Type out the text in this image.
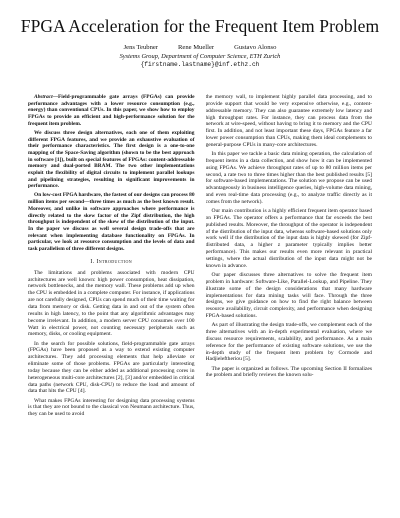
FPGA Acceleration for the Frequent Item Problem
Jens Teubner	Rene Mueller	Gustavo Alonso
Systems Group, Department of Computer Science, ETH Zurich
{firstname.lastname}@inf.ethz.ch

Abstract—Field-programmable gate arrays (FPGAs) can provide performance advantages with a lower resource consumption (e.g., energy) than conventional CPUs. In this paper, we show how to employ FPGAs to provide an efficient and high-performance solution for the frequent item problem.

We discuss three design alternatives, each one of them exploiting different FPGA features, and we provide an exhaustive evaluation of their performance characteristics. The first design is a one-to-one mapping of the Space-Saving algorithm (shown to be the best approach in software [1]), built on special features of FPGAs: content-addressable memory and dual-ported BRAM. The two other implementations exploit the flexibility of digital circuits to implement parallel lookups and pipelining strategies, resulting in significant improvements in performance.

On low-cost FPGA hardware, the fastest of our designs can process 80 million items per second—three times as much as the best known result. Moreover, and unlike in software approaches where performance is directly related to the skew factor of the Zipf distribution, the high throughput is independent of the skew of the distribution of the input. In the paper we discuss as well several design trade-offs that are relevant when implementing database functionality on FPGAs. In particular, we look at resource consumption and the levels of data and task parallelism of three different designs.

I. Introduction

The limitations and problems associated with modern CPU architectures are well known: high power consumption, heat dissipation, network bottlenecks, and the memory wall. These problems add up when the CPU is embedded in a complete computer. For instance, if applications are not carefully designed, CPUs can spend much of their time waiting for data from memory or disk. Getting data in and out of the system often results in high latency, to the point that any algorithmic advantages may become irrelevant. In addition, a modern server CPU consumes over 100 Watt in electrical power, not counting necessary peripherals such as memory, disks, or cooling equipment.

In the search for possible solutions, field-programmable gate arrays (FPGAs) have been proposed as a way to extend existing computer architectures. They add processing elements that help alleviate or eliminate some of those problems. FPGAs are particularly interesting today because they can be either added as additional processing cores in heterogeneous multi-core architectures [2], [3] and/or embedded in critical data paths (network CPU, disk-CPU) to reduce the load and amount of data that hits the CPU [4].

What makes FPGAs interesting for designing data processing systems is that they are not bound to the classical von Neumann architecture. Thus, they can be used to avoid

the memory wall, to implement highly parallel data processing, and to provide support that would be very expensive otherwise, e.g., content-addressable memory. They can also guarantee extremely low latency and high throughput rates. For instance, they can process data from the network at wire-speed, without having to bring it to memory and the CPU first. In addition, and not least important these days, FPGAs feature a far lower power consumption than CPUs, making them ideal complements to general-purpose CPUs in many-core architectures.

In this paper we tackle a basic data mining operation, the calculation of frequent items in a data collection, and show how it can be implemented using FPGAs. We achieve throughput rates of up to 80 million items per second, a rate two to three times higher than the best published results [5] for software-based implementations. The solution we propose can be used advantageously in business intelligence queries, high-volume data mining, and even real-time data processing (e.g., to analyze traffic directly as it comes from the network).

Our main contribution is a highly efficient frequent item operator based on FPGAs. The operator offers a performance that far exceeds the best published results. Moreover, the throughput of the operator is independent of the distribution of the input data, whereas software-based solutions only work well if the distribution of the input data is highly skewed (for Zipf-distributed data, a higher z parameter typically implies better performance). This makes our results even more relevant in practical settings, where the actual distribution of the input data might not be known in advance.

Our paper discusses three alternatives to solve the frequent item problem in hardware: Software-Like, Parallel-Lookup, and Pipeline. They illustrate some of the design considerations that many hardware implementations for data mining tasks will face. Through the three designs, we give guidance on how to find the right balance between resource availability, circuit complexity, and performance when designing FPGA-based solutions.

As part of illustrating the design trade-offs, we complement each of the three alternatives with an in-depth experimental evaluation, where we discuss resource requirements, scalability, and performance. As a main reference for the performance of existing software solutions, we use the in-depth study of the frequent item problem by Cormode and Hadjieleftheriou [5].

The paper is organized as follows. The upcoming Section II formalizes the problem and briefly reviews the known solu-
